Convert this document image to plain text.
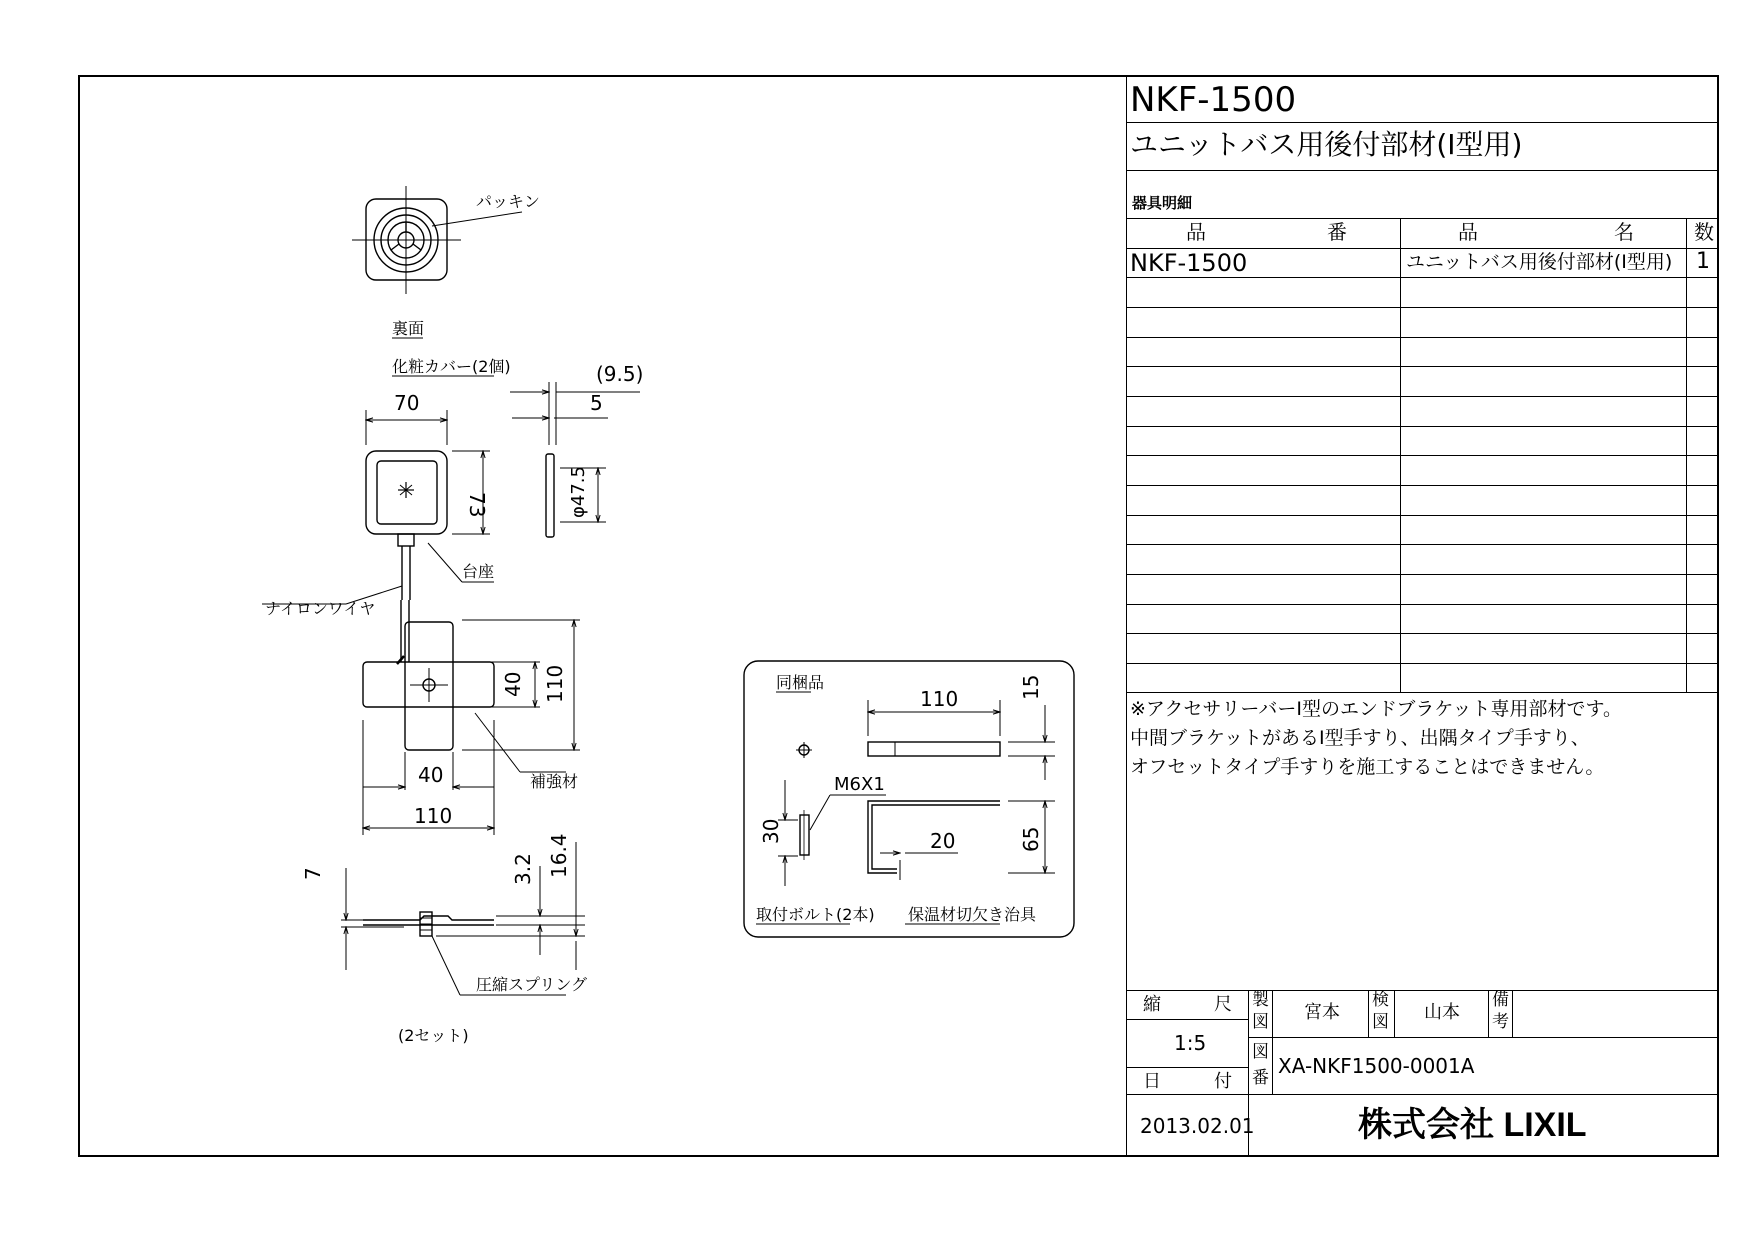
パッキン
裏面
化粧カバー(2個)
70
73
(9.5)
5
φ47.5
台座
ナイロンワイヤ
40 110
40
110
補強材
7	3.2 16.4
圧縮スプリング
(2セット)
同梱品
110	15
M6X1
30	20	65
取付ボルト(2本) 保温材切欠き治具
NKF-1500
ユニットバス用後付部材(I型用)
器具明細
品	番	品	名	数
NKF-1500	ユニットバス用後付部材(I型用) 1
※アクセサリーバーI型のエンドブラケット専用部材です。
中間ブラケットがあるI型手すり、出隅タイプ手すり、
オフセットタイプ手すりを施工することはできません。
縮	尺
1:5
日	付
2013.02.01
製
図 宮本
検
図 山本
備
考
図
番 XA-NKF1500-0001A
株式会社 LIXIL
